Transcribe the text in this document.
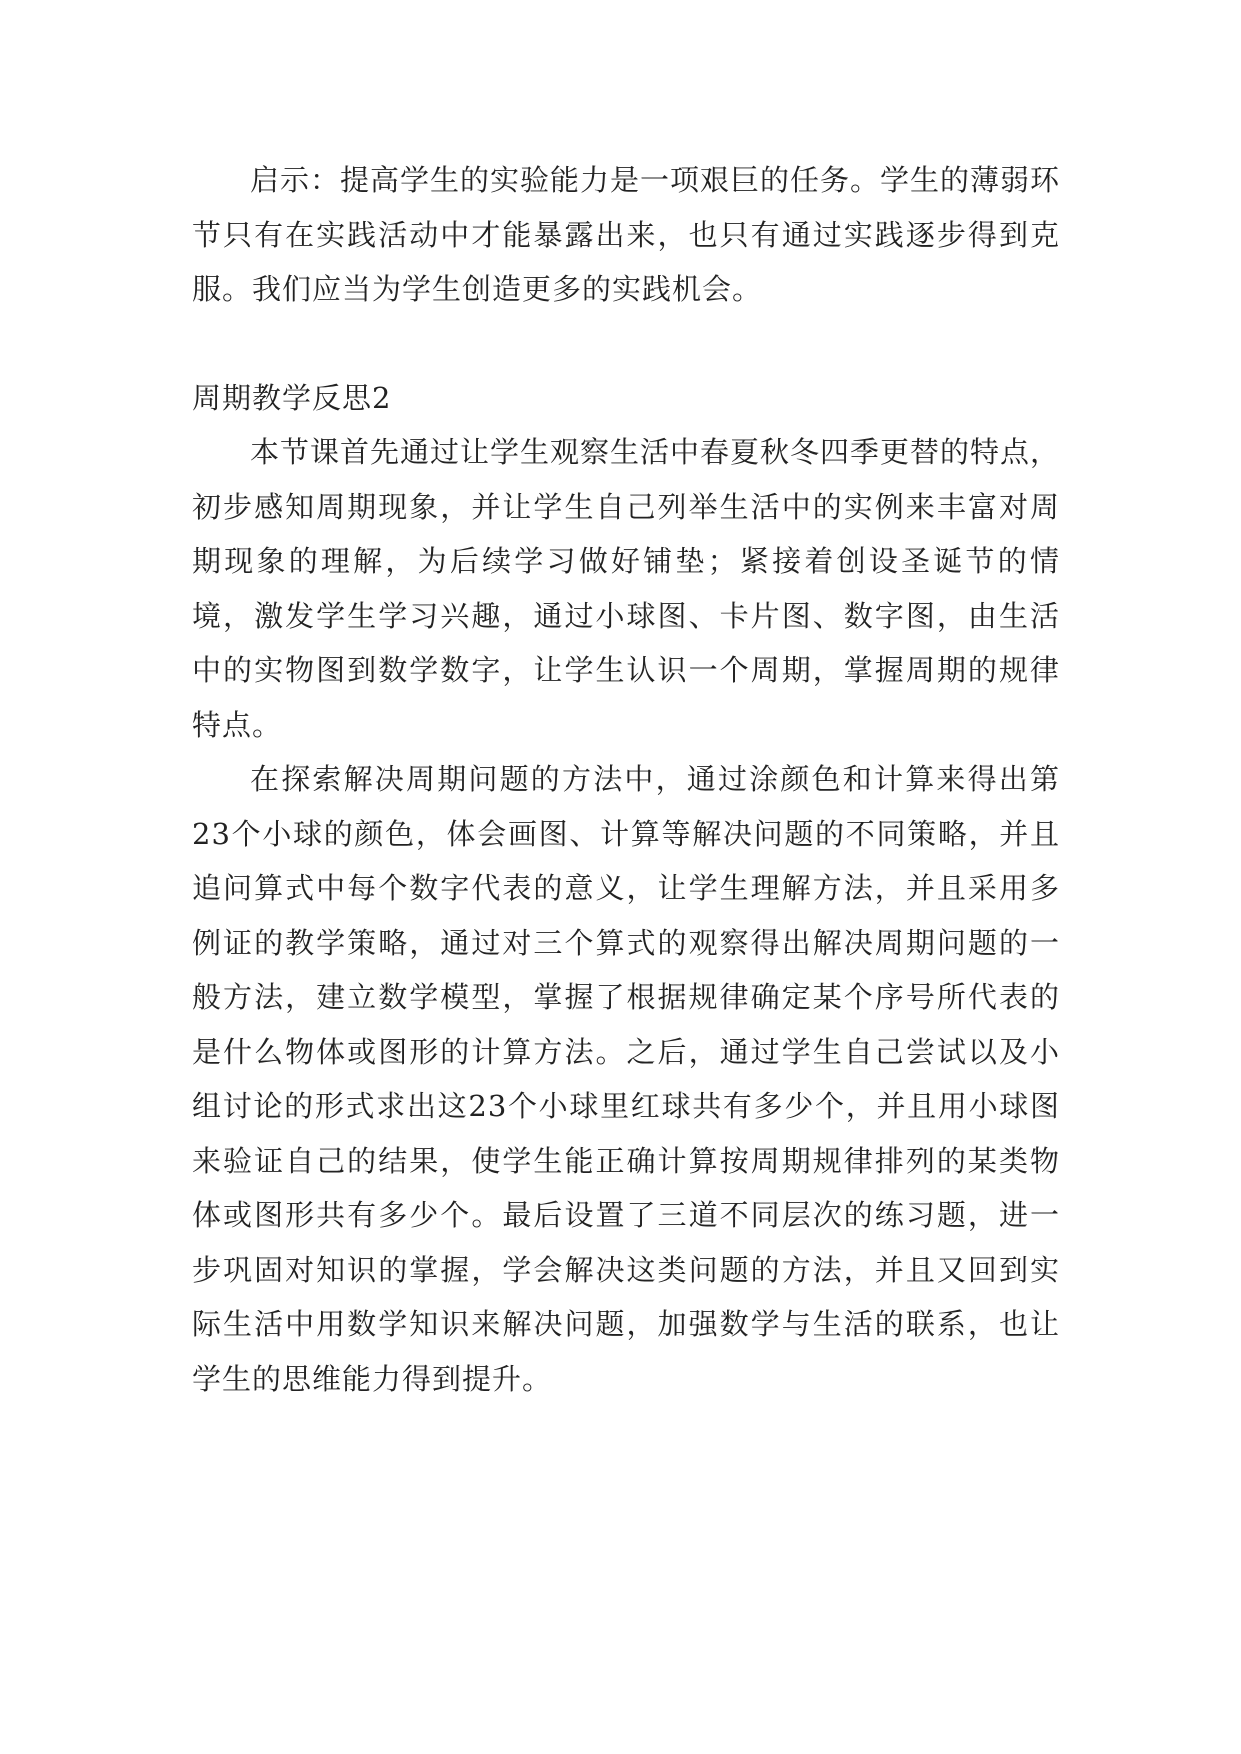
启示：提高学生的实验能力是一项艰巨的任务。学生的薄弱环节只有在实践活动中才能暴露出来，也只有通过实践逐步得到克服。我们应当为学生创造更多的实践机会。

周期教学反思2

本节课首先通过让学生观察生活中春夏秋冬四季更替的特点，初步感知周期现象，并让学生自己列举生活中的实例来丰富对周期现象的理解，为后续学习做好铺垫；紧接着创设圣诞节的情境，激发学生学习兴趣，通过小球图、卡片图、数字图，由生活中的实物图到数学数字，让学生认识一个周期，掌握周期的规律特点。

在探索解决周期问题的方法中，通过涂颜色和计算来得出第23个小球的颜色，体会画图、计算等解决问题的不同策略，并且追问算式中每个数字代表的意义，让学生理解方法，并且采用多例证的教学策略，通过对三个算式的观察得出解决周期问题的一般方法，建立数学模型，掌握了根据规律确定某个序号所代表的是什么物体或图形的计算方法。之后，通过学生自己尝试以及小组讨论的形式求出这23个小球里红球共有多少个，并且用小球图来验证自己的结果，使学生能正确计算按周期规律排列的某类物体或图形共有多少个。最后设置了三道不同层次的练习题，进一步巩固对知识的掌握，学会解决这类问题的方法，并且又回到实际生活中用数学知识来解决问题，加强数学与生活的联系，也让学生的思维能力得到提升。
